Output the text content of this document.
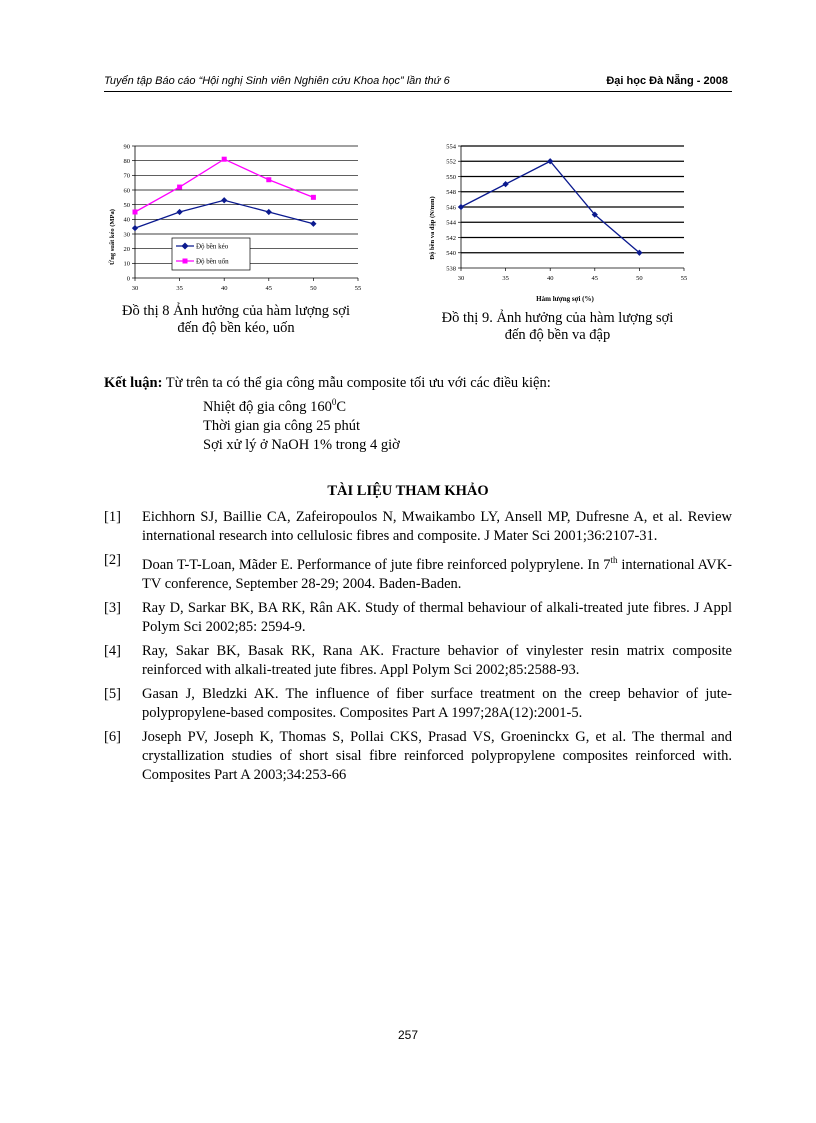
Tuyển tập Báo cáo “Hội nghị Sinh viên Nghiên cứu Khoa học” lần thứ 6	Đại học Đà Nẵng - 2008
Ứng suất kéo (MPa)
0
10
20
30
40
50
60
70
80
90
30	35	40	45	50	55
Độ bền kéo
Độ bền uốn
Đồ thị 8 Ảnh hưởng của hàm lượng sợi
đến độ bền kéo, uốn
Độ bền va đập (N/mm)
538
540
542
544
546
548
550
552
554
30	35	40	45	50	55
Hàm lượng sợi (%)
Đồ thị 9. Ảnh hưởng của hàm lượng sợi
đến độ bền va đập
Kết luận: Từ trên ta có thể gia công mẫu composite tối ưu với các điều kiện:
Nhiệt độ gia công $160^0C$
Thời gian gia công 25 phút
Sợi xử lý ở NaOH 1% trong 4 giờ
TÀI LIỆU THAM KHẢO
[1]	Eichhorn SJ, Baillie CA, Zafeiropoulos N, Mwaikambo LY, Ansell MP, Dufresne A, et al. Review international research into cellulosic fibres and composite. J Mater Sci 2001;36:2107-31.
[2]	Doan T-T-Loan, Mãder E. Performance of jute fibre reinforced polyprylene. In 7th international AVK-TV conference, September 28-29; 2004. Baden-Baden.
[3]	Ray D, Sarkar BK, BA RK, Rân AK. Study of thermal behaviour of alkali-treated jute fibres. J Appl Polym Sci 2002;85: 2594-9.
[4]	Ray, Sakar BK, Basak RK, Rana AK. Fracture behavior of vinylester resin matrix composite reinforced with alkali-treated jute fibres. Appl Polym Sci 2002;85:2588-93.
[5]	Gasan J, Bledzki AK. The influence of fiber surface treatment on the creep behavior of jute-polypropylene-based composites. Composites Part A 1997;28A(12):2001-5.
[6]	Joseph PV, Joseph K, Thomas S, Pollai CKS, Prasad VS, Groeninckx G, et al. The thermal and crystallization studies of short sisal fibre reinforced polypropylene composites reinforced with. Composites Part A 2003;34:253-66
257
